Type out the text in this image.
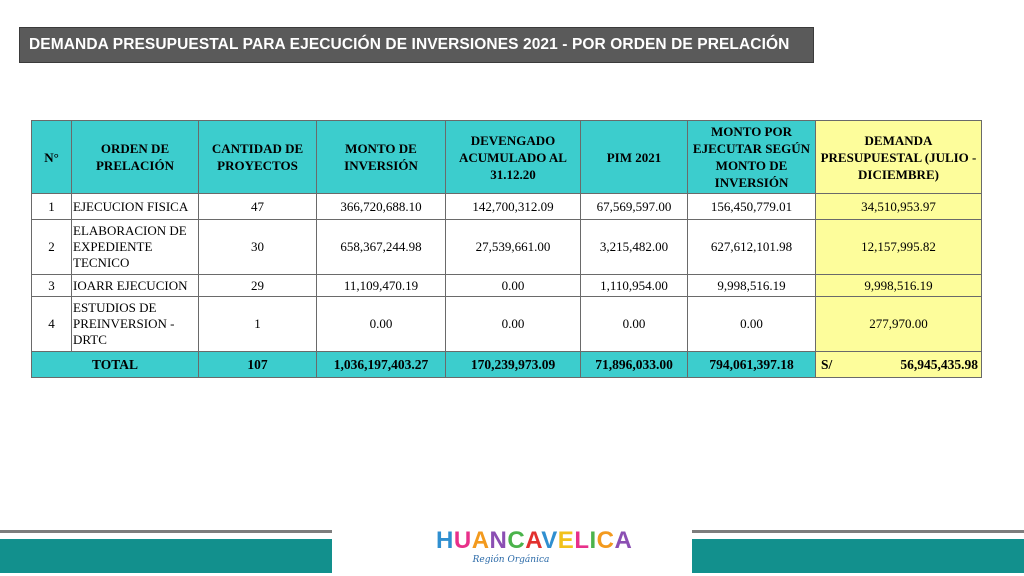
DEMANDA PRESUPUESTAL PARA EJECUCIÓN DE INVERSIONES 2021 - POR ORDEN DE PRELACIÓN
N°	ORDEN DE PRELACIÓN	CANTIDAD DE PROYECTOS	MONTO DE INVERSIÓN	DEVENGADO ACUMULADO AL 31.12.20	PIM 2021	MONTO POR EJECUTAR SEGÚN MONTO DE INVERSIÓN	DEMANDA PRESUPUESTAL (JULIO - DICIEMBRE)
1	EJECUCION FISICA	47	366,720,688.10	142,700,312.09	67,569,597.00	156,450,779.01	34,510,953.97
2	ELABORACION DE EXPEDIENTE TECNICO	30	658,367,244.98	27,539,661.00	3,215,482.00	627,612,101.98	12,157,995.82
3	IOARR EJECUCION	29	11,109,470.19	0.00	1,110,954.00	9,998,516.19	9,998,516.19
4	ESTUDIOS DE PREINVERSION - DRTC	1	0.00	0.00	0.00	0.00	277,970.00
TOTAL		107	1,036,197,403.27	170,239,973.09	71,896,033.00	794,061,397.18	S/ 56,945,435.98
HUANCAVELICA
Región Orgánica
